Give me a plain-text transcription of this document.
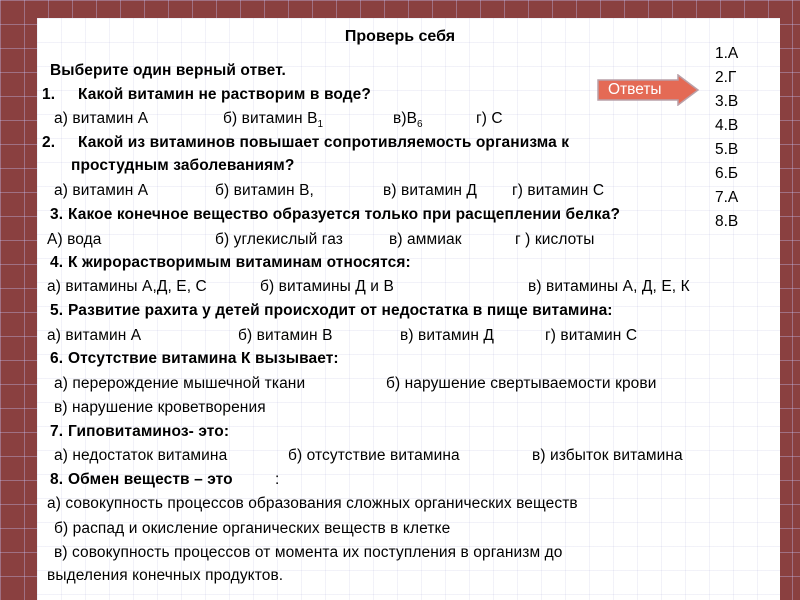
Проверь себя
Ответы
1.А
2.Г
3.В
4.В
5.В
6.Б
7.А
8.В
Выберите один верный ответ.
1. Какой витамин не растворим в воде?
а) витамин А	б) витамин $В_1$	$в)В_6$	г) С
2. Какой из витаминов повышает сопротивляемость организма к
простудным заболеваниям?
а) витамин А	б) витамин В,	в) витамин Д г) витамин С
3. Какое конечное вещество образуется только при расщеплении белка?
А) вода	б) углекислый газ	в) аммиак	г ) кислоты
4. К жирорастворимым витаминам относятся:
а) витамины А,Д, Е, С	б) витамины Д и В	в) витамины А, Д, Е, К
5. Развитие рахита у детей происходит от недостатка в пище витамина:
а) витамин А	б) витамин В	в) витамин Д	г) витамин С
6. Отсутствие витамина К вызывает:
а) перерождение мышечной ткани	б) нарушение свертываемости крови
в) нарушение кроветворения
7. Гиповитаминоз- это:
а) недостаток витамина	б) отсутствие витамина	в) избыток витамина
8. Обмен веществ – это	:
а) совокупность процессов образования сложных органических веществ
б) распад и окисление органических веществ в клетке
в) совокупность процессов от момента их поступления в организм до
выделения конечных продуктов.
